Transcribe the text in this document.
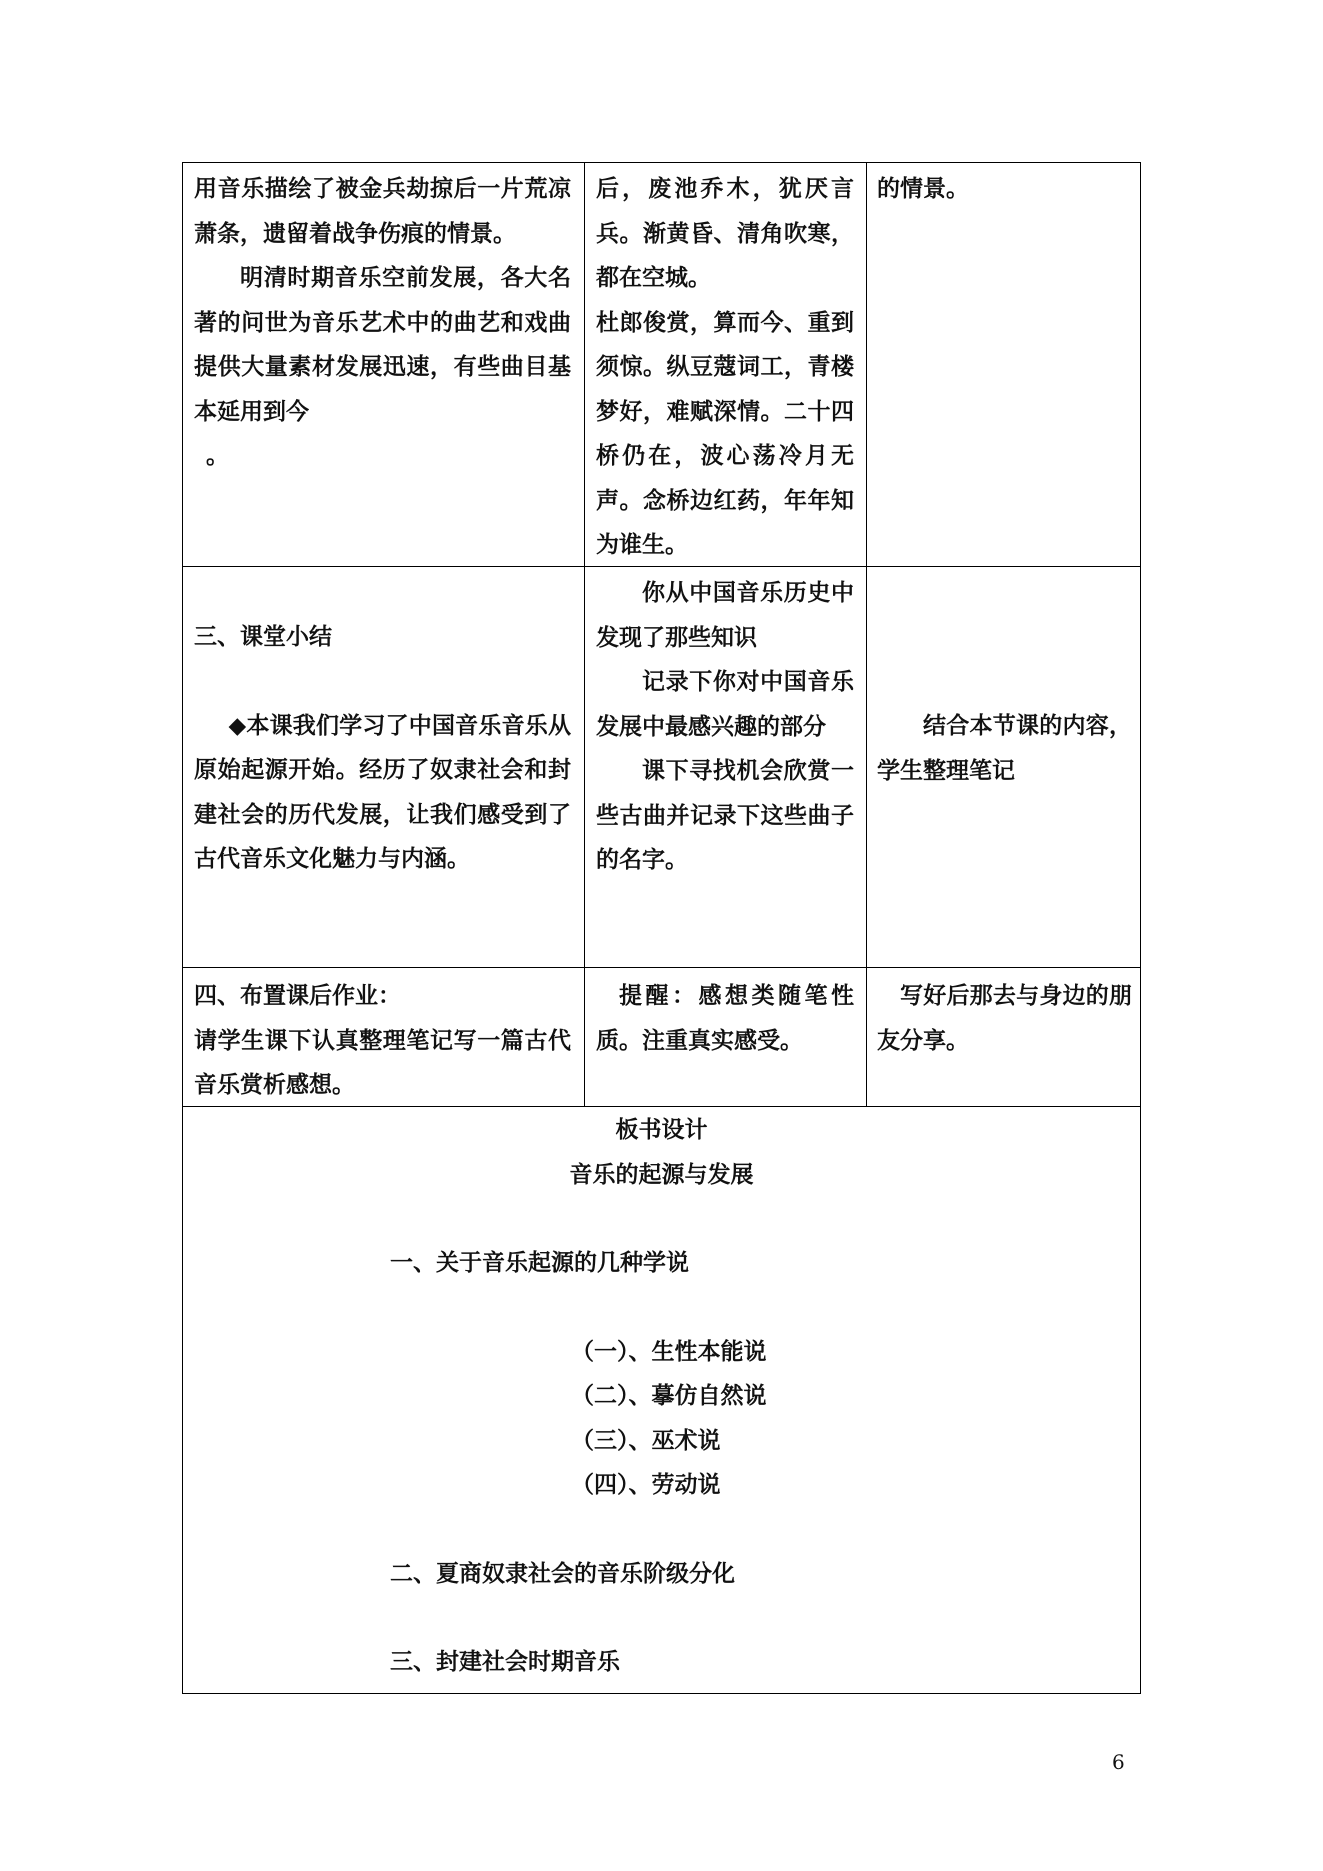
用音乐描绘了被金兵劫掠后一片荒凉萧条，遗留着战争伤痕的情景。

明清时期音乐空前发展，各大名著的问世为音乐艺术中的曲艺和戏曲提供大量素材发展迅速，有些曲目基本延用到今

。

后，废池乔木，犹厌言兵。渐黄昏、清角吹寒，都在空城。

杜郎俊赏，算而今、重到须惊。纵豆蔻词工，青楼梦好，难赋深情。二十四桥仍在，波心荡冷月无声。念桥边红药，年年知为谁生。

的情景。

三、课堂小结

◆本课我们学习了中国音乐音乐从原始起源开始。经历了奴隶社会和封建社会的历代发展，让我们感受到了古代音乐文化魅力与内涵。

你从中国音乐历史中发现了那些知识

记录下你对中国音乐发展中最感兴趣的部分

课下寻找机会欣赏一些古曲并记录下这些曲子的名字。

结合本节课的内容，学生整理笔记

四、布置课后作业：

请学生课下认真整理笔记写一篇古代音乐赏析感想。

提醒：感想类随笔性质。注重真实感受。

写好后那去与身边的朋友分享。

板书设计

音乐的起源与发展

一、关于音乐起源的几种学说

（一）、生性本能说

（二）、摹仿自然说

（三）、巫术说

（四）、劳动说

二、夏商奴隶社会的音乐阶级分化

三、封建社会时期音乐

6
